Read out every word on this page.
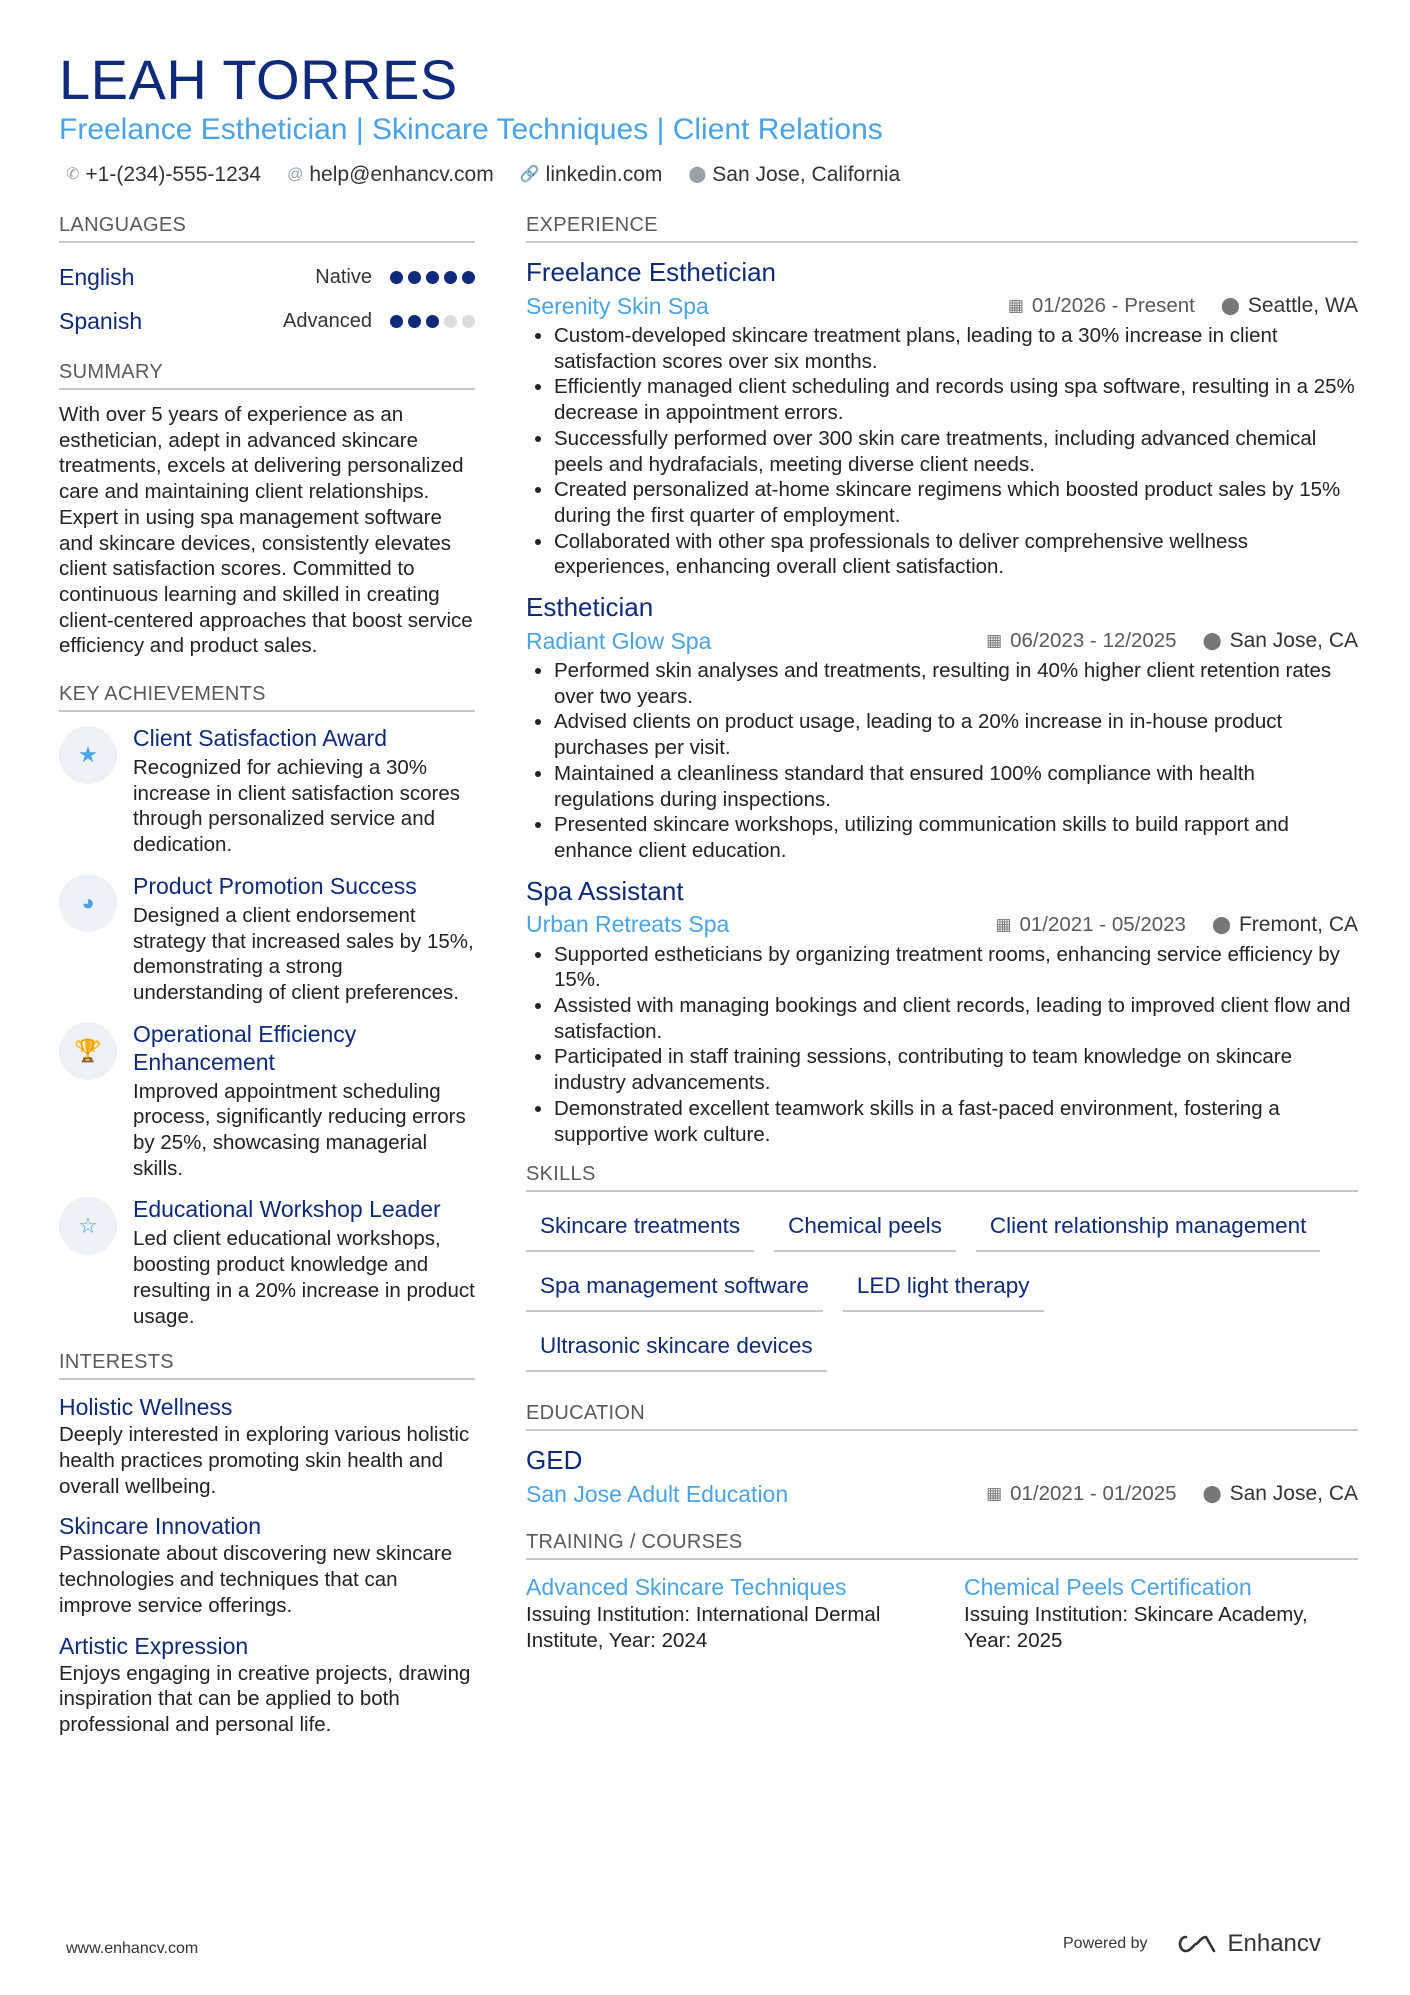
LEAH TORRES
Freelance Esthetician | Skincare Techniques | Client Relations
✆ +1-(234)-555-1234 @ help@enhancv.com 🔗 linkedin.com ⬤ San Jose, California
LANGUAGES
English	Native
Spanish	Advanced
SUMMARY

With over 5 years of experience as an esthetician, adept in advanced skincare treatments, excels at delivering personalized care and maintaining client relationships. Expert in using spa management software and skincare devices, consistently elevates client satisfaction scores. Committed to continuous learning and skilled in creating client-centered approaches that boost service efficiency and product sales.

KEY ACHIEVEMENTS
★
Client Satisfaction Award
Recognized for achieving a 30% increase in client satisfaction scores through personalized service and dedication.
◕
Product Promotion Success
Designed a client endorsement strategy that increased sales by 15%, demonstrating a strong understanding of client preferences.
🏆
Operational Efficiency Enhancement
Improved appointment scheduling process, significantly reducing errors by 25%, showcasing managerial skills.
☆
Educational Workshop Leader
Led client educational workshops, boosting product knowledge and resulting in a 20% increase in product usage.
INTERESTS
Holistic Wellness
Deeply interested in exploring various holistic health practices promoting skin health and overall wellbeing.
Skincare Innovation
Passionate about discovering new skincare technologies and techniques that can improve service offerings.
Artistic Expression
Enjoys engaging in creative projects, drawing inspiration that can be applied to both professional and personal life.
EXPERIENCE
Freelance Esthetician
Serenity Skin Spa	▦ 01/2026 - Present ⬤ Seattle, WA
• Custom-developed skincare treatment plans, leading to a 30% increase in client satisfaction scores over six months.
• Efficiently managed client scheduling and records using spa software, resulting in a 25% decrease in appointment errors.
• Successfully performed over 300 skin care treatments, including advanced chemical peels and hydrafacials, meeting diverse client needs.
• Created personalized at-home skincare regimens which boosted product sales by 15% during the first quarter of employment.
• Collaborated with other spa professionals to deliver comprehensive wellness experiences, enhancing overall client satisfaction.
Esthetician
Radiant Glow Spa	▦ 06/2023 - 12/2025 ⬤ San Jose, CA
• Performed skin analyses and treatments, resulting in 40% higher client retention rates over two years.
• Advised clients on product usage, leading to a 20% increase in in-house product purchases per visit.
• Maintained a cleanliness standard that ensured 100% compliance with health regulations during inspections.
• Presented skincare workshops, utilizing communication skills to build rapport and enhance client education.
Spa Assistant
Urban Retreats Spa	▦ 01/2021 - 05/2023 ⬤ Fremont, CA
• Supported estheticians by organizing treatment rooms, enhancing service efficiency by 15%.
• Assisted with managing bookings and client records, leading to improved client flow and satisfaction.
• Participated in staff training sessions, contributing to team knowledge on skincare industry advancements.
• Demonstrated excellent teamwork skills in a fast-paced environment, fostering a supportive work culture.
SKILLS
Skincare treatments	Chemical peels	Client relationship management
Spa management software	LED light therapy
Ultrasonic skincare devices
EDUCATION
GED
San Jose Adult Education	▦ 01/2021 - 01/2025 ⬤ San Jose, CA
TRAINING / COURSES
Advanced Skincare Techniques
Issuing Institution: International Dermal Institute, Year: 2024
Chemical Peels Certification
Issuing Institution: Skincare Academy, Year: 2025
www.enhancv.com	Powered by	Enhancv
